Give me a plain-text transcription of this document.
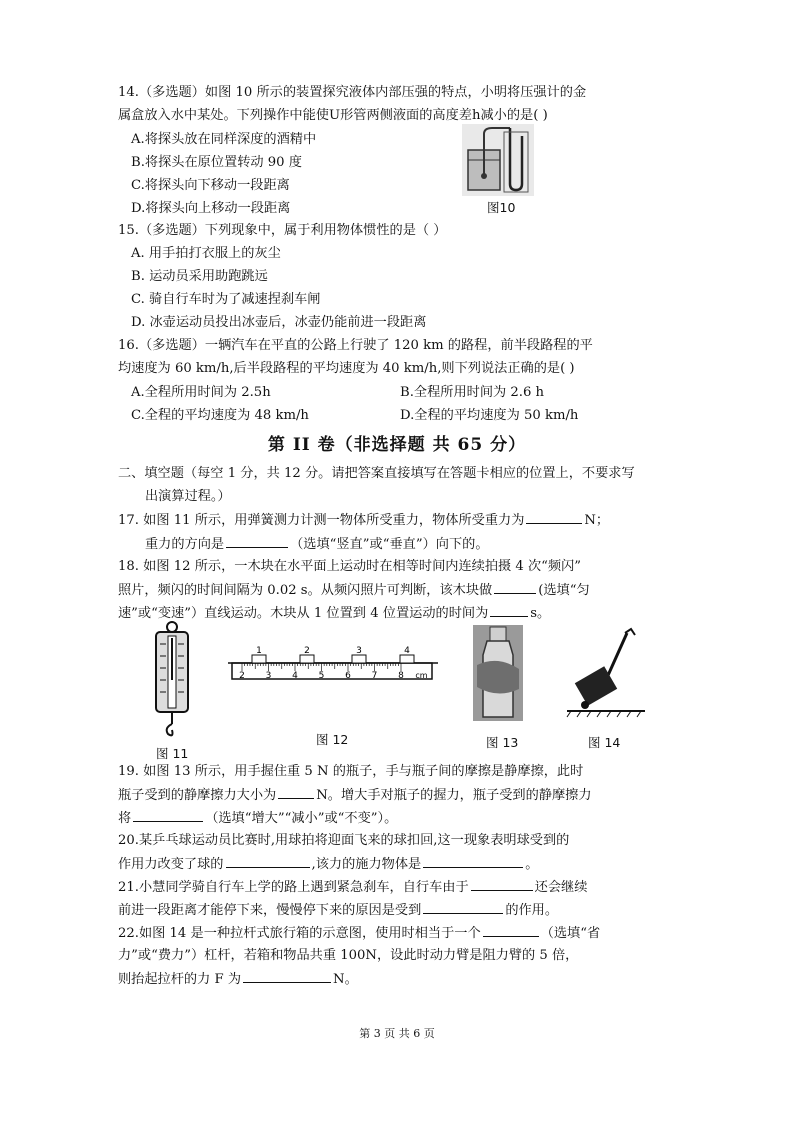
14.（多选题）如图 10 所示的装置探究液体内部压强的特点，小明将压强计的金
属盒放入水中某处。下列操作中能使U形管两侧液面的高度差h减小的是( )
A.将探头放在同样深度的酒精中
B.将探头在原位置转动 90 度
C.将探头向下移动一段距离
D.将探头向上移动一段距离	图10
15.（多选题）下列现象中，属于利用物体惯性的是（ ）
A. 用手拍打衣服上的灰尘
B. 运动员采用助跑跳远
C. 骑自行车时为了减速捏刹车闸
D. 冰壶运动员投出冰壶后，冰壶仍能前进一段距离
16.（多选题）一辆汽车在平直的公路上行驶了 120 km 的路程，前半段路程的平
均速度为 60 km/h,后半段路程的平均速度为 40 km/h,则下列说法正确的是( )
A.全程所用时间为 2.5h	B.全程所用时间为 2.6 h
C.全程的平均速度为 48 km/h	D.全程的平均速度为 50 km/h
第 II 卷（非选择题 共 65 分）
二、填空题（每空 1 分，共 12 分。请把答案直接填写在答题卡相应的位置上，不要求写
出演算过程。）
17. 如图 11 所示，用弹簧测力计测一物体所受重力，物体所受重力为	N；
重力的方向是	（选填“竖直”或“垂直”）向下的。
18. 如图 12 所示，一木块在水平面上运动时在相等时间内连续拍摄 4 次“频闪”
照片，频闪的时间间隔为 0.02 s。从频闪照片可判断，该木块做	(选填“匀
速”或“变速”）直线运动。木块从 1 位置到 4 位置运动的时间为	s。
图 11
2 3 4 5 6 7 8 cm
1	2	3	4
图 12	图 13	图 14
19. 如图 13 所示，用手握住重 5 N 的瓶子，手与瓶子间的摩擦是静摩擦，此时
瓶子受到的静摩擦力大小为	N。增大手对瓶子的握力，瓶子受到的静摩擦力
将	（选填“增大”“减小”或“不变”）。
20.某乒乓球运动员比赛时,用球拍将迎面飞来的球扣回,这一现象表明球受到的
作用力改变了球的	,该力的施力物体是	。
21.小慧同学骑自行车上学的路上遇到紧急刹车，自行车由于	还会继续
前进一段距离才能停下来，慢慢停下来的原因是受到	的作用。
22.如图 14 是一种拉杆式旅行箱的示意图，使用时相当于一个	（选填“省
力”或“费力”）杠杆，若箱和物品共重 100N，设此时动力臂是阻力臂的 5 倍，
则抬起拉杆的力 F 为	N。
第 3 页 共 6 页
